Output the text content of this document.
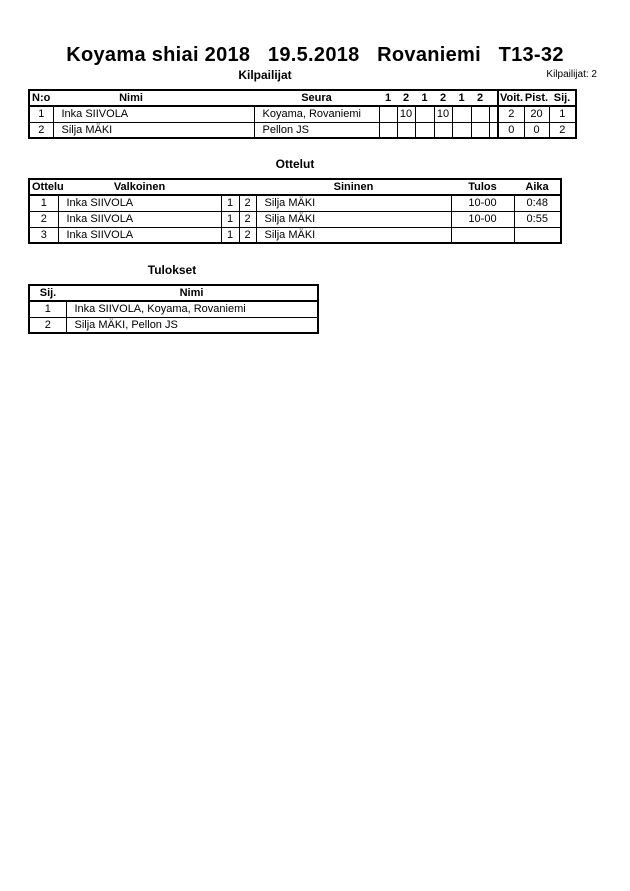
Koyama shiai 2018   19.5.2018   Rovaniemi   T13-32
Kilpailijat	Kilpailijat: 2
N:o	Nimi	Seura	1	2	1	2	1	2		Voit.	Pist.	Sij.
1	Inka SIIVOLA	Koyama, Rovaniemi		10		10				2	20	1
2	Silja MÄKI	Pellon JS								0	0	2
Ottelut
Ottelu	Valkoinen			Sininen	Tulos	Aika
1	Inka SIIVOLA	1	2	Silja MÄKI	10-00	0:48
2	Inka SIIVOLA	1	2	Silja MÄKI	10-00	0:55
3	Inka SIIVOLA	1	2	Silja MÄKI		
Tulokset
Sij.	Nimi
1	Inka SIIVOLA, Koyama, Rovaniemi
2	Silja MÄKI, Pellon JS
